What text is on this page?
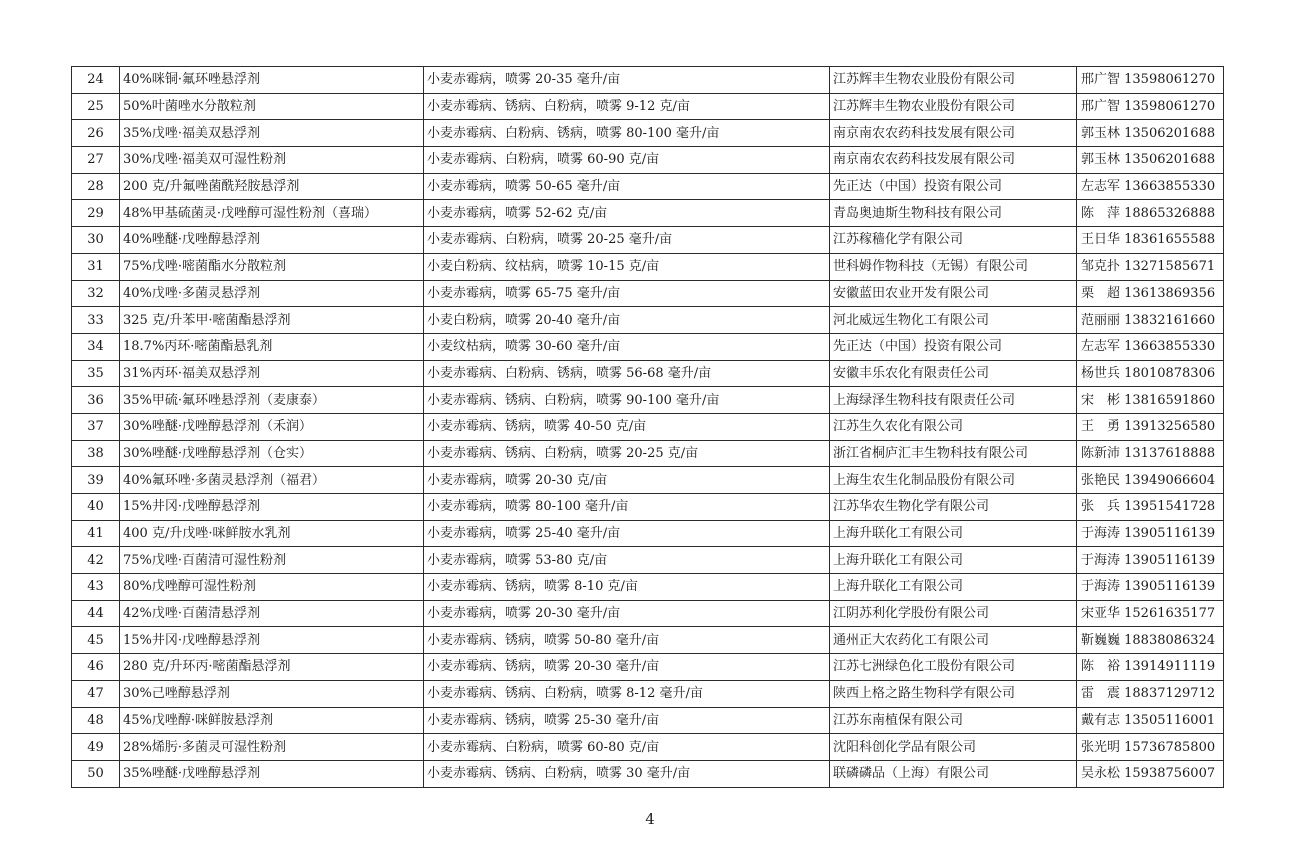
24	40%咪铜·氟环唑悬浮剂	小麦赤霉病，喷雾 20-35 毫升/亩	江苏辉丰生物农业股份有限公司	邢广智 13598061270
25	50%叶菌唑水分散粒剂	小麦赤霉病、锈病、白粉病，喷雾 9-12 克/亩	江苏辉丰生物农业股份有限公司	邢广智 13598061270
26	35%戊唑·福美双悬浮剂	小麦赤霉病、白粉病、锈病，喷雾 80-100 毫升/亩	南京南农农药科技发展有限公司	郭玉林 13506201688
27	30%戊唑·福美双可湿性粉剂	小麦赤霉病、白粉病，喷雾 60-90 克/亩	南京南农农药科技发展有限公司	郭玉林 13506201688
28	200 克/升氟唑菌酰羟胺悬浮剂	小麦赤霉病，喷雾 50-65 毫升/亩	先正达（中国）投资有限公司	左志军 13663855330
29	48%甲基硫菌灵·戊唑醇可湿性粉剂（喜瑞）	小麦赤霉病，喷雾 52-62 克/亩	青岛奥迪斯生物科技有限公司	陈　萍 18865326888
30	40%唑醚·戊唑醇悬浮剂	小麦赤霉病、白粉病，喷雾 20-25 毫升/亩	江苏稼穑化学有限公司	王日华 18361655588
31	75%戊唑·嘧菌酯水分散粒剂	小麦白粉病、纹枯病，喷雾 10-15 克/亩	世科姆作物科技（无锡）有限公司	邹克扑 13271585671
32	40%戊唑·多菌灵悬浮剂	小麦赤霉病，喷雾 65-75 毫升/亩	安徽蓝田农业开发有限公司	栗　超 13613869356
33	325 克/升苯甲·嘧菌酯悬浮剂	小麦白粉病，喷雾 20-40 毫升/亩	河北威远生物化工有限公司	范丽丽 13832161660
34	18.7%丙环·嘧菌酯悬乳剂	小麦纹枯病，喷雾 30-60 毫升/亩	先正达（中国）投资有限公司	左志军 13663855330
35	31%丙环·福美双悬浮剂	小麦赤霉病、白粉病、锈病，喷雾 56-68 毫升/亩	安徽丰乐农化有限责任公司	杨世兵 18010878306
36	35%甲硫·氟环唑悬浮剂（麦康泰）	小麦赤霉病、锈病、白粉病，喷雾 90-100 毫升/亩	上海绿泽生物科技有限责任公司	宋　彬 13816591860
37	30%唑醚·戊唑醇悬浮剂（禾润）	小麦赤霉病、锈病，喷雾 40-50 克/亩	江苏生久农化有限公司	王　勇 13913256580
38	30%唑醚·戊唑醇悬浮剂（仓实）	小麦赤霉病、锈病、白粉病，喷雾 20-25 克/亩	浙江省桐庐汇丰生物科技有限公司	陈新沛 13137618888
39	40%氟环唑·多菌灵悬浮剂（福君）	小麦赤霉病，喷雾 20-30 克/亩	上海生农生化制品股份有限公司	张艳民 13949066604
40	15%井冈·戊唑醇悬浮剂	小麦赤霉病，喷雾 80-100 毫升/亩	江苏华农生物化学有限公司	张　兵 13951541728
41	400 克/升戊唑·咪鲜胺水乳剂	小麦赤霉病，喷雾 25-40 毫升/亩	上海升联化工有限公司	于海涛 13905116139
42	75%戊唑·百菌清可湿性粉剂	小麦赤霉病，喷雾 53-80 克/亩	上海升联化工有限公司	于海涛 13905116139
43	80%戊唑醇可湿性粉剂	小麦赤霉病、锈病，喷雾 8-10 克/亩	上海升联化工有限公司	于海涛 13905116139
44	42%戊唑·百菌清悬浮剂	小麦赤霉病，喷雾 20-30 毫升/亩	江阴苏利化学股份有限公司	宋亚华 15261635177
45	15%井冈·戊唑醇悬浮剂	小麦赤霉病、锈病，喷雾 50-80 毫升/亩	通州正大农药化工有限公司	靳巍巍 18838086324
46	280 克/升环丙·嘧菌酯悬浮剂	小麦赤霉病、锈病，喷雾 20-30 毫升/亩	江苏七洲绿色化工股份有限公司	陈　裕 13914911119
47	30%己唑醇悬浮剂	小麦赤霉病、锈病、白粉病，喷雾 8-12 毫升/亩	陕西上格之路生物科学有限公司	雷　震 18837129712
48	45%戊唑醇·咪鲜胺悬浮剂	小麦赤霉病、锈病，喷雾 25-30 毫升/亩	江苏东南植保有限公司	戴有志 13505116001
49	28%烯肟·多菌灵可湿性粉剂	小麦赤霉病、白粉病，喷雾 60-80 克/亩	沈阳科创化学品有限公司	张光明 15736785800
50	35%唑醚·戊唑醇悬浮剂	小麦赤霉病、锈病、白粉病，喷雾 30 毫升/亩	联磷磷品（上海）有限公司	吴永松 15938756007
4
